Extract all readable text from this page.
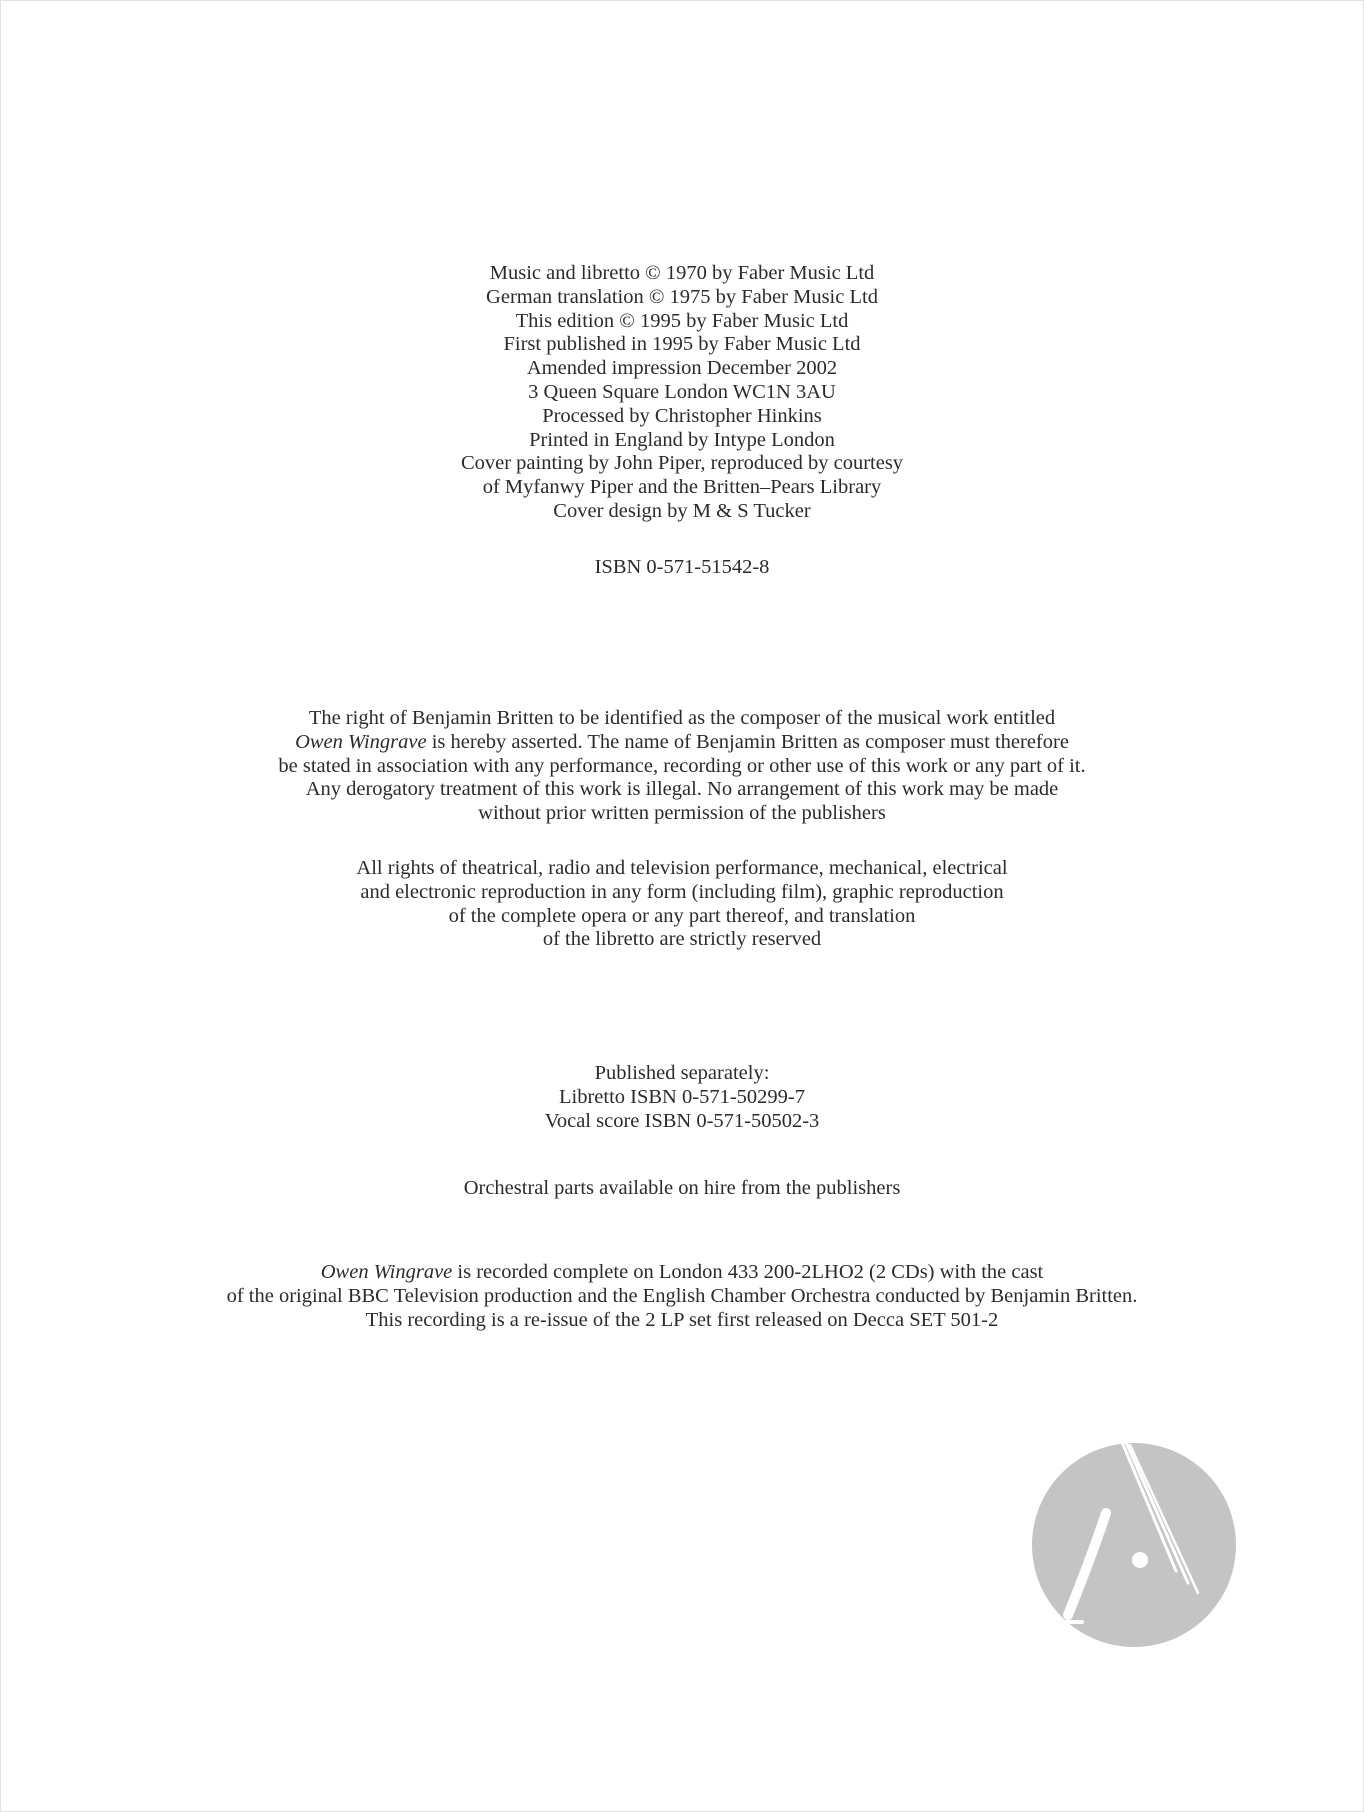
Music and libretto © 1970 by Faber Music Ltd
German translation © 1975 by Faber Music Ltd
This edition © 1995 by Faber Music Ltd
First published in 1995 by Faber Music Ltd
Amended impression December 2002
3 Queen Square London WC1N 3AU
Processed by Christopher Hinkins
Printed in England by Intype London
Cover painting by John Piper, reproduced by courtesy
of Myfanwy Piper and the Britten–Pears Library
Cover design by M & S Tucker
ISBN 0-571-51542-8
The right of Benjamin Britten to be identified as the composer of the musical work entitled
Owen Wingrave is hereby asserted. The name of Benjamin Britten as composer must therefore
be stated in association with any performance, recording or other use of this work or any part of it.
Any derogatory treatment of this work is illegal. No arrangement of this work may be made
without prior written permission of the publishers
All rights of theatrical, radio and television performance, mechanical, electrical
and electronic reproduction in any form (including film), graphic reproduction
of the complete opera or any part thereof, and translation
of the libretto are strictly reserved
Published separately:
Libretto ISBN 0-571-50299-7
Vocal score ISBN 0-571-50502-3
Orchestral parts available on hire from the publishers
Owen Wingrave is recorded complete on London 433 200-2LHO2 (2 CDs) with the cast
of the original BBC Television production and the English Chamber Orchestra conducted by Benjamin Britten.
This recording is a re-issue of the 2 LP set first released on Decca SET 501-2
